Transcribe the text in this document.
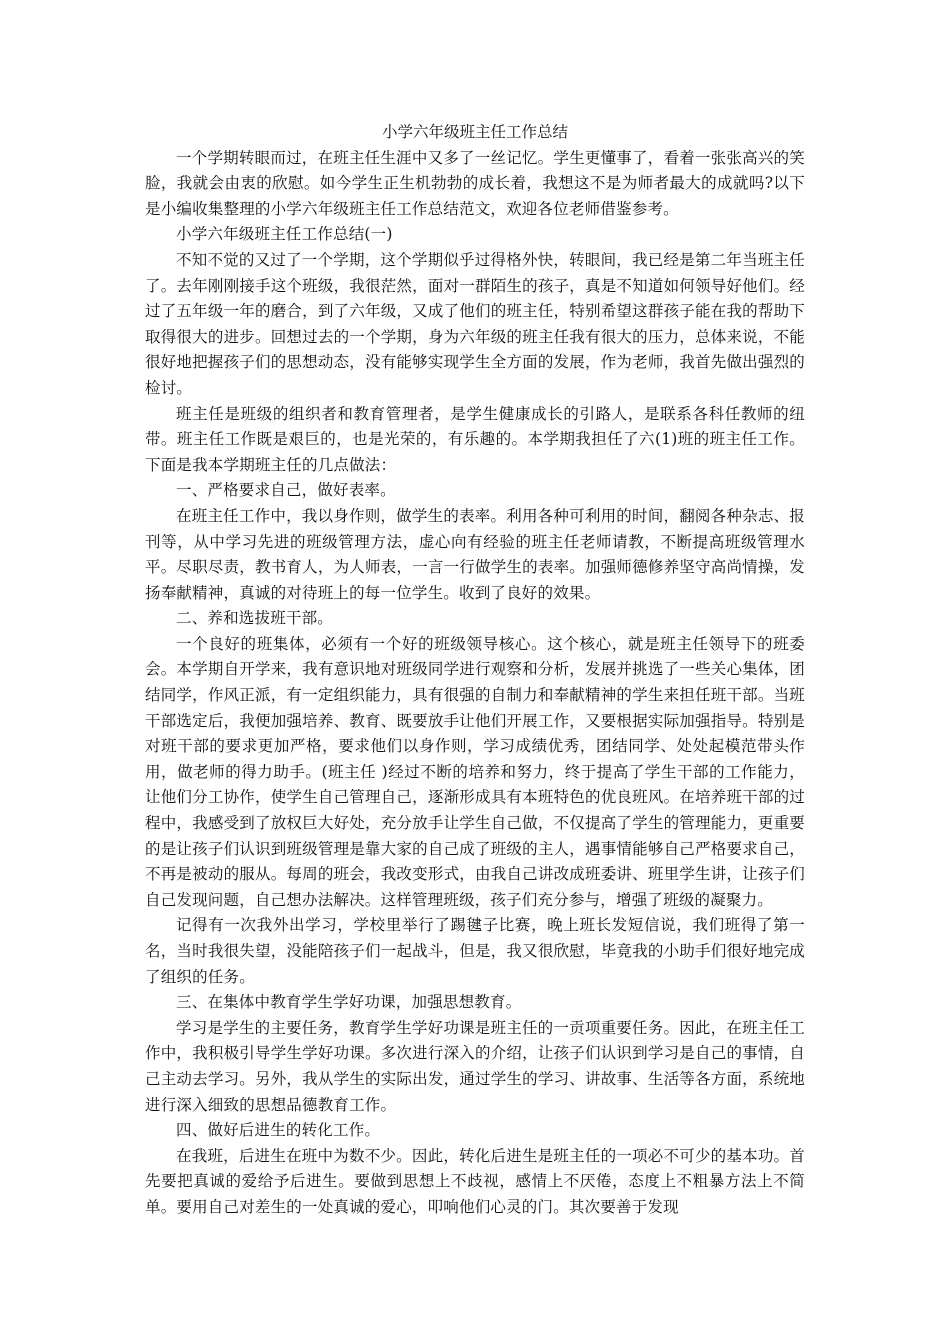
小学六年级班主任工作总结

一个学期转眼而过，在班主任生涯中又多了一丝记忆。学生更懂事了，看着一张张高兴的笑脸，我就会由衷的欣慰。如今学生正生机勃勃的成长着，我想这不是为师者最大的成就吗?以下是小编收集整理的小学六年级班主任工作总结范文，欢迎各位老师借鉴参考。

小学六年级班主任工作总结(一)

不知不觉的又过了一个学期，这个学期似乎过得格外快，转眼间，我已经是第二年当班主任了。去年刚刚接手这个班级，我很茫然，面对一群陌生的孩子，真是不知道如何领导好他们。经过了五年级一年的磨合，到了六年级，又成了他们的班主任，特别希望这群孩子能在我的帮助下取得很大的进步。回想过去的一个学期，身为六年级的班主任我有很大的压力，总体来说，不能很好地把握孩子们的思想动态，没有能够实现学生全方面的发展，作为老师，我首先做出强烈的检讨。

班主任是班级的组织者和教育管理者，是学生健康成长的引路人，是联系各科任教师的纽带。班主任工作既是艰巨的，也是光荣的，有乐趣的。本学期我担任了六(1)班的班主任工作。下面是我本学期班主任的几点做法：

一、严格要求自己，做好表率。

在班主任工作中，我以身作则，做学生的表率。利用各种可利用的时间，翻阅各种杂志、报刊等，从中学习先进的班级管理方法，虚心向有经验的班主任老师请教，不断提高班级管理水平。尽职尽责，教书育人，为人师表，一言一行做学生的表率。加强师德修养坚守高尚情操，发扬奉献精神，真诚的对待班上的每一位学生。收到了良好的效果。

二、养和选拔班干部。

一个良好的班集体，必须有一个好的班级领导核心。这个核心，就是班主任领导下的班委会。本学期自开学来，我有意识地对班级同学进行观察和分析，发展并挑选了一些关心集体，团结同学，作风正派，有一定组织能力，具有很强的自制力和奉献精神的学生来担任班干部。当班干部选定后，我便加强培养、教育、既要放手让他们开展工作，又要根据实际加强指导。特别是对班干部的要求更加严格，要求他们以身作则，学习成绩优秀，团结同学、处处起模范带头作用，做老师的得力助手。(班主任 )经过不断的培养和努力，终于提高了学生干部的工作能力，让他们分工协作，使学生自己管理自己，逐渐形成具有本班特色的优良班风。在培养班干部的过程中，我感受到了放权巨大好处，充分放手让学生自己做，不仅提高了学生的管理能力，更重要的是让孩子们认识到班级管理是靠大家的自己成了班级的主人，遇事情能够自己严格要求自己，不再是被动的服从。每周的班会，我改变形式，由我自己讲改成班委讲、班里学生讲，让孩子们自己发现问题，自己想办法解决。这样管理班级，孩子们充分参与，增强了班级的凝聚力。

记得有一次我外出学习，学校里举行了踢毽子比赛，晚上班长发短信说，我们班得了第一名，当时我很失望，没能陪孩子们一起战斗，但是，我又很欣慰，毕竟我的小助手们很好地完成了组织的任务。

三、在集体中教育学生学好功课，加强思想教育。

学习是学生的主要任务，教育学生学好功课是班主任的一贡项重要任务。因此，在班主任工作中，我积极引导学生学好功课。多次进行深入的介绍，让孩子们认识到学习是自己的事情，自己主动去学习。另外，我从学生的实际出发，通过学生的学习、讲故事、生活等各方面，系统地进行深入细致的思想品德教育工作。

四、做好后进生的转化工作。

在我班，后进生在班中为数不少。因此，转化后进生是班主任的一项必不可少的基本功。首先要把真诚的爱给予后进生。要做到思想上不歧视，感情上不厌倦，态度上不粗暴方法上不简单。要用自己对差生的一处真诚的爱心，叩响他们心灵的门。其次要善于发现
